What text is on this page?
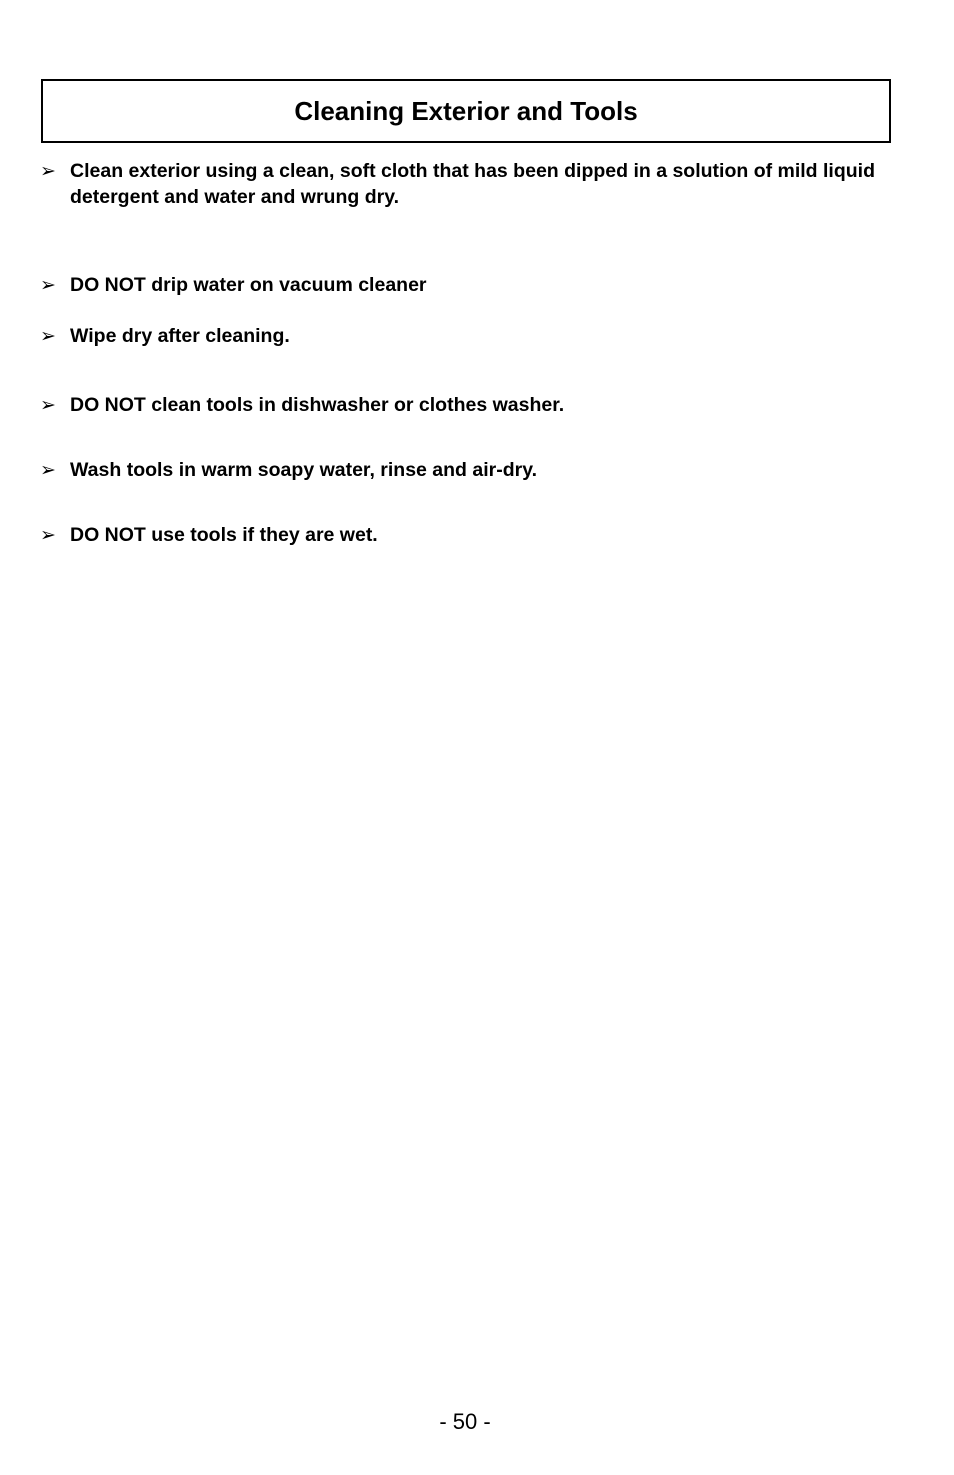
Cleaning Exterior and Tools
➢ Clean exterior using a clean, soft cloth that has been dipped in a solution of mild liquid detergent and water and wrung dry.
➢ DO NOT drip water on vacuum cleaner
➢ Wipe dry after cleaning.
➢ DO NOT clean tools in dishwasher or clothes washer.
➢ Wash tools in warm soapy water, rinse and air-dry.
➢ DO NOT use tools if they are wet.
- 50 -
